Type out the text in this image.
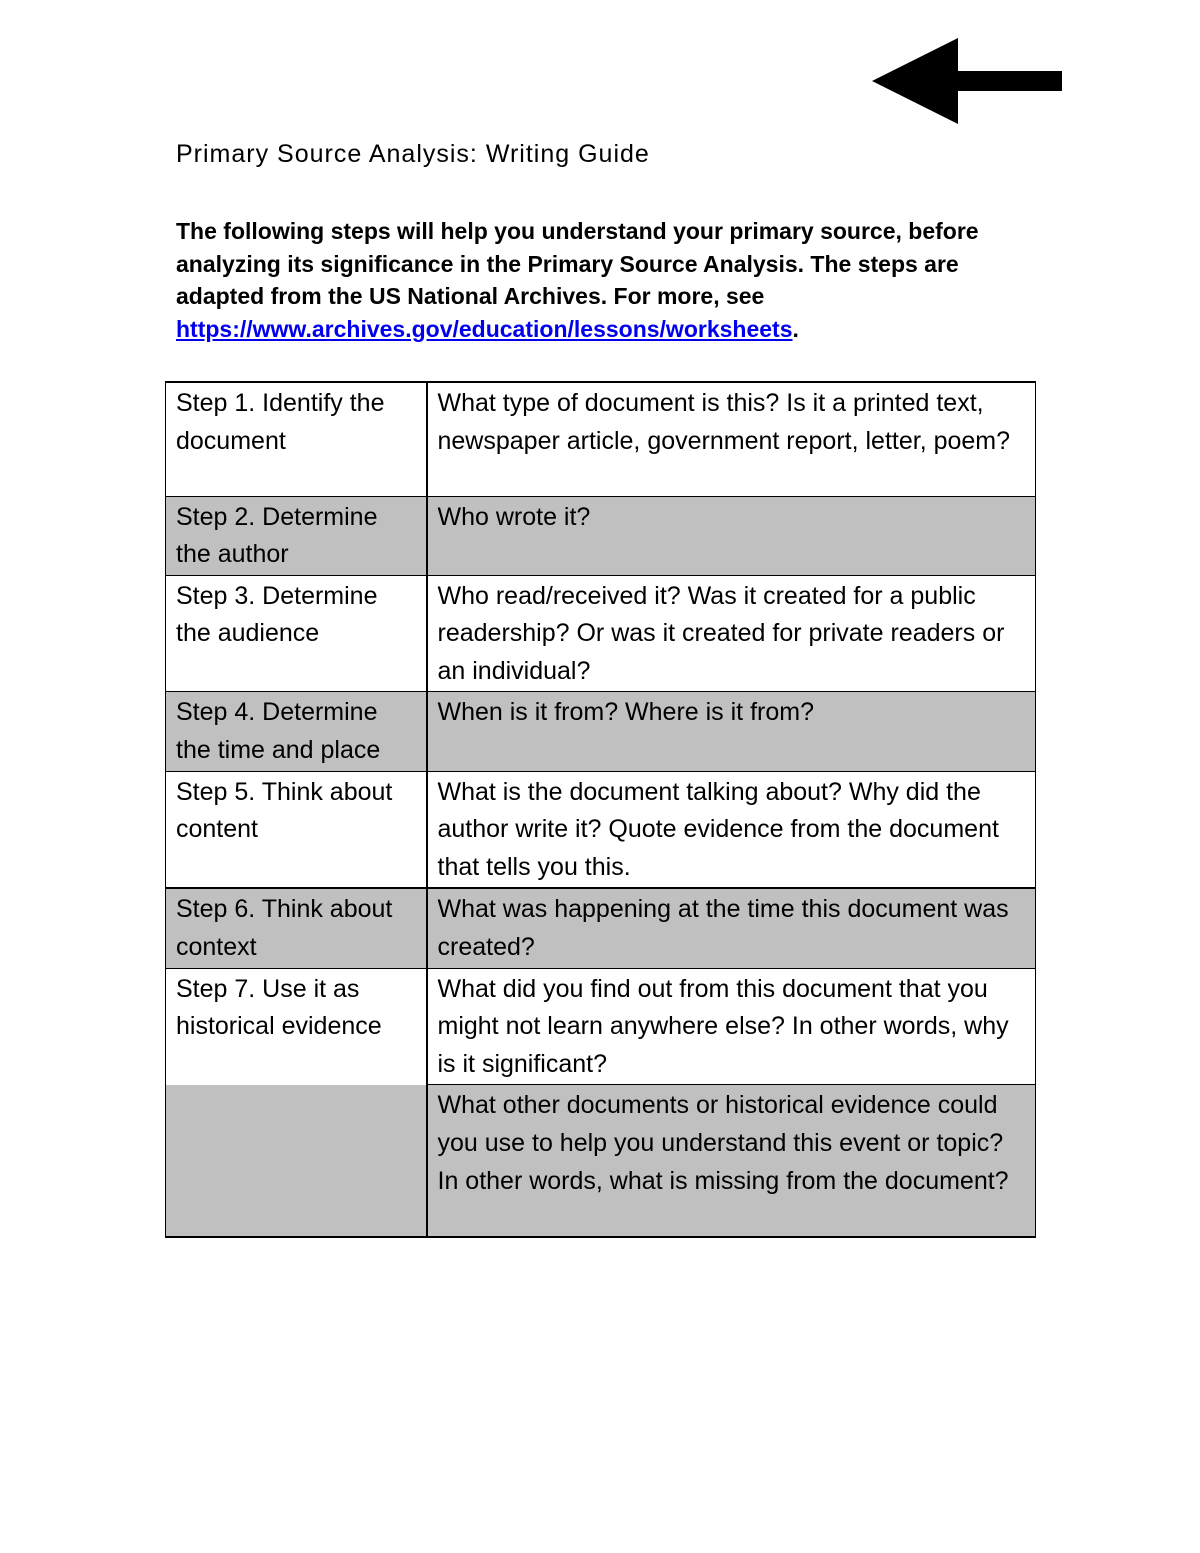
Primary Source Analysis: Writing Guide
The following steps will help you understand your primary source, before analyzing its significance in the Primary Source Analysis. The steps are adapted from the US National Archives. For more, see https://www.archives.gov/education/lessons/worksheets.
Step 1. Identify the document	What type of document is this? Is it a printed text, newspaper article, government report, letter, poem?
Step 2. Determine the author	Who wrote it?
Step 3. Determine the audience	Who read/received it? Was it created for a public readership? Or was it created for private readers or an individual?
Step 4. Determine the time and place	When is it from? Where is it from?
Step 5. Think about content	What is the document talking about? Why did the author write it? Quote evidence from the document that tells you this.
Step 6. Think about context	What was happening at the time this document was created?
Step 7. Use it as historical evidence	What did you find out from this document that you might not learn anywhere else? In other words, why is it significant?
	What other documents or historical evidence could you use to help you understand this event or topic? In other words, what is missing from the document?
